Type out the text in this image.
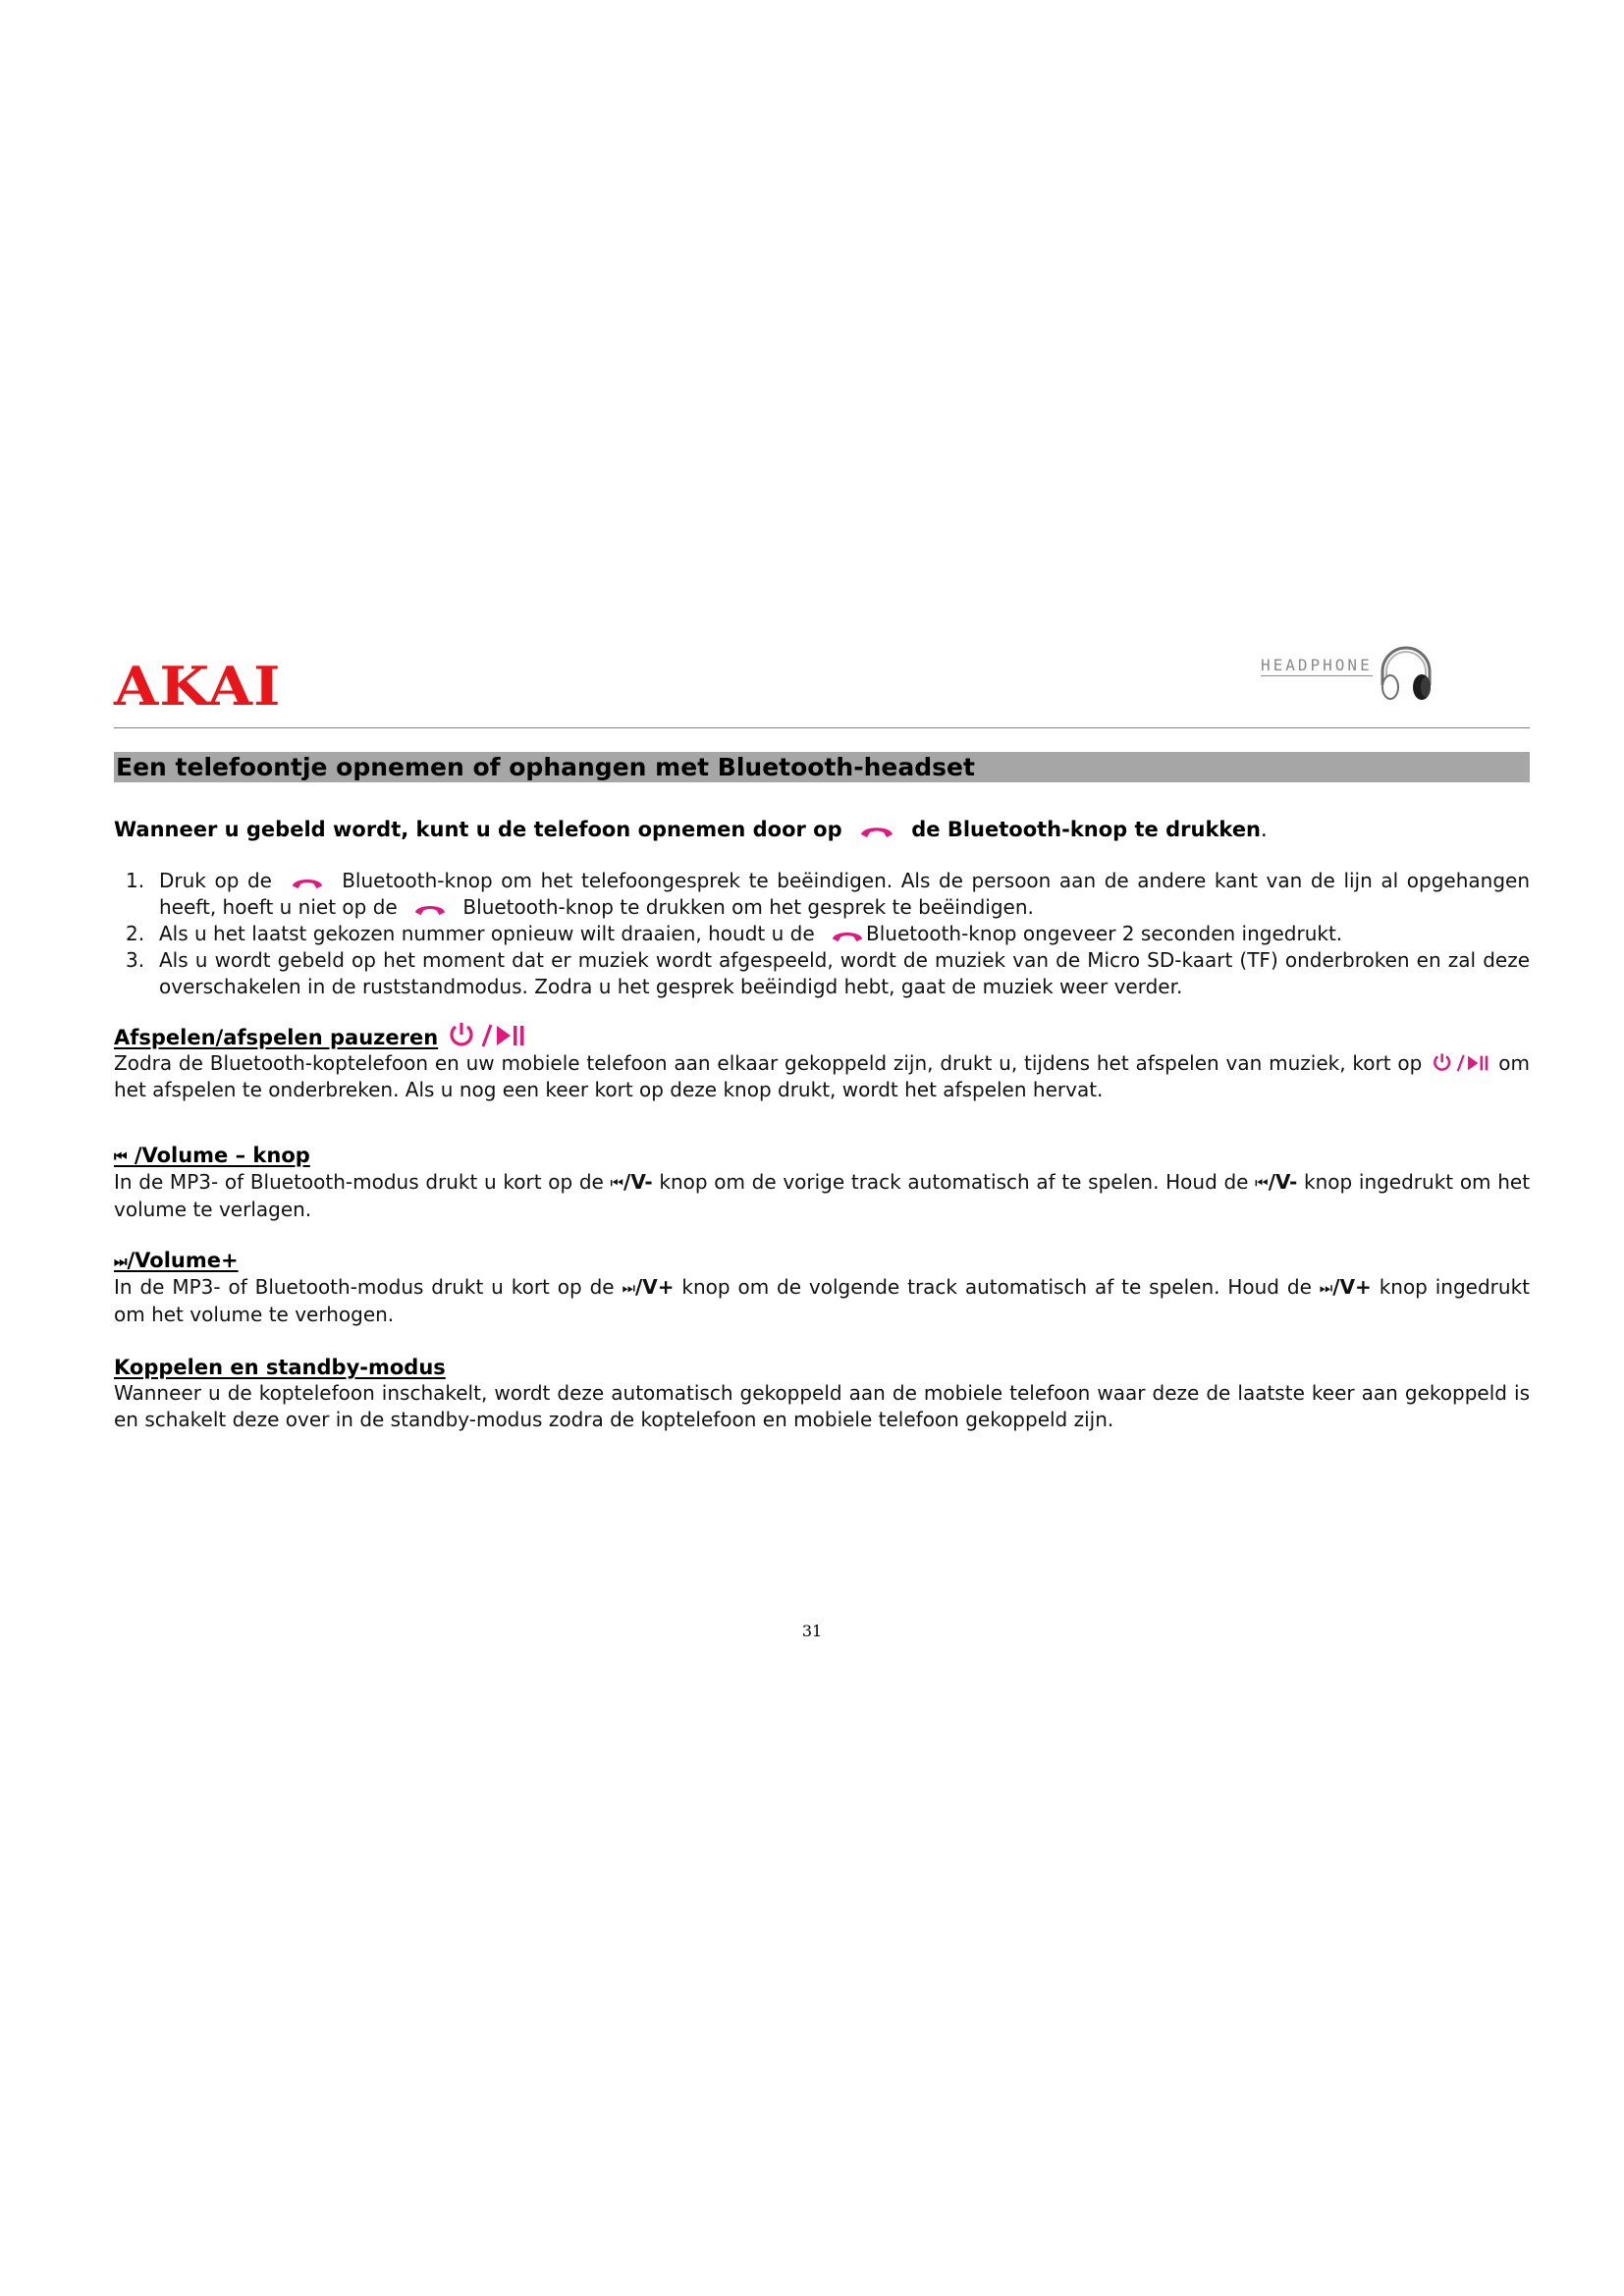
AKAI	HEADPHONE
Een telefoontje opnemen of ophangen met Bluetooth-headset
Wanneer u gebeld wordt, kunt u de telefoon opnemen door op	de Bluetooth-knop te drukken.
1. Druk op de	Bluetooth-knop om het telefoongesprek te beëindigen. Als de persoon aan de andere kant van de lijn al opgehangen heeft, hoeft u niet op de	Bluetooth-knop te drukken om het gesprek te beëindigen.
2. Als u het laatst gekozen nummer opnieuw wilt draaien, houdt u de	Bluetooth-knop ongeveer 2 seconden ingedrukt.
3. Als u wordt gebeld op het moment dat er muziek wordt afgespeeld, wordt de muziek van de Micro SD-kaart (TF) onderbroken en zal deze overschakelen in de ruststandmodus. Zodra u het gesprek beëindigd hebt, gaat de muziek weer verder.
Afspelen/afspelen pauzeren
Zodra de Bluetooth-koptelefoon en uw mobiele telefoon aan elkaar gekoppeld zijn, drukt u, tijdens het afspelen van muziek, kort op	om het afspelen te onderbreken. Als u nog een keer kort op deze knop drukt, wordt het afspelen hervat.
⏮ /Volume – knop
In de MP3- of Bluetooth-modus drukt u kort op de ⏮/V- knop om de vorige track automatisch af te spelen. Houd de ⏮/V- knop ingedrukt om het volume te verlagen.
⏭/Volume+
In de MP3- of Bluetooth-modus drukt u kort op de ⏭/V+ knop om de volgende track automatisch af te spelen. Houd de ⏭/V+ knop ingedrukt om het volume te verhogen.
Koppelen en standby-modus
Wanneer u de koptelefoon inschakelt, wordt deze automatisch gekoppeld aan de mobiele telefoon waar deze de laatste keer aan gekoppeld is en schakelt deze over in de standby-modus zodra de koptelefoon en mobiele telefoon gekoppeld zijn.
31
